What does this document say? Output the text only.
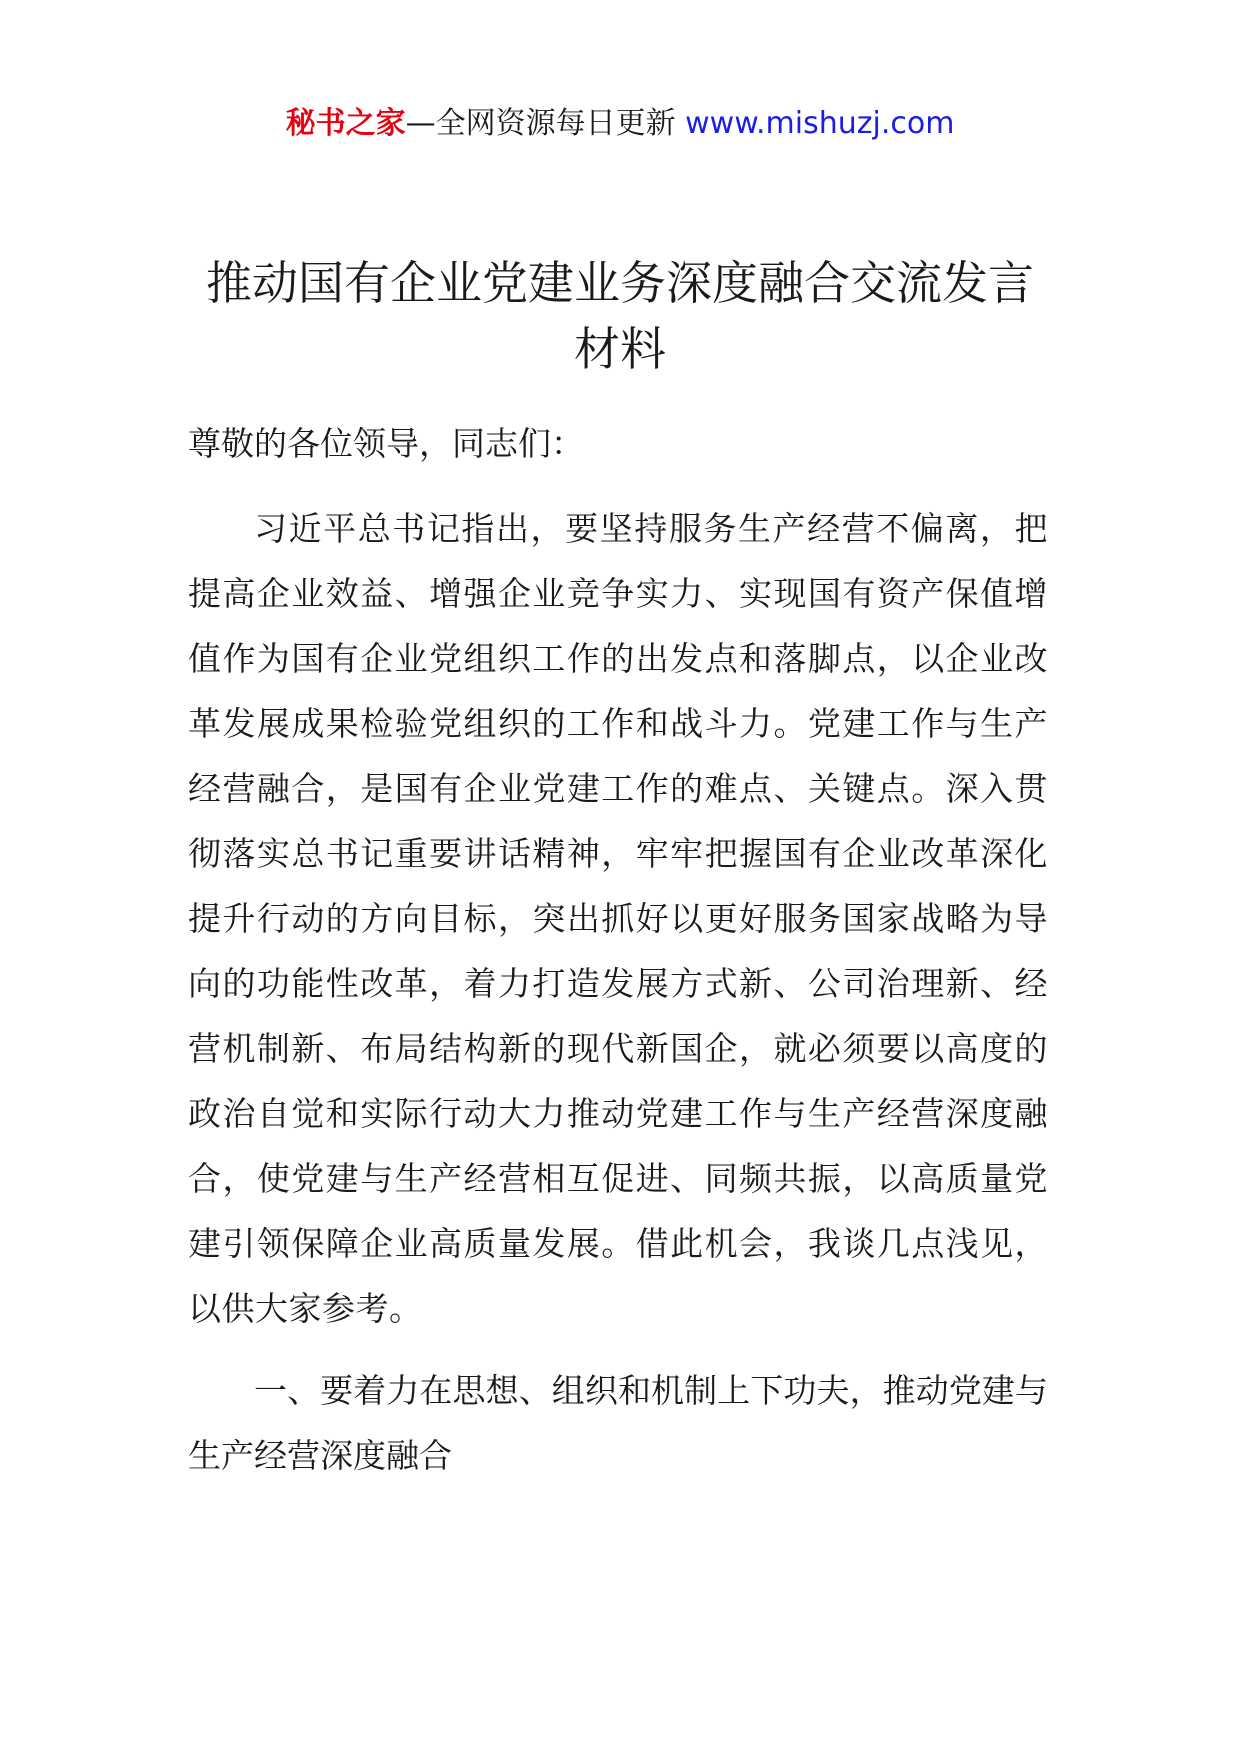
秘书之家—全网资源每日更新 www.mishuzj.com
推动国有企业党建业务深度融合交流发言材料
尊敬的各位领导，同志们：
习近平总书记指出，要坚持服务生产经营不偏离，把提高企业效益、增强企业竞争实力、实现国有资产保值增值作为国有企业党组织工作的出发点和落脚点，以企业改革发展成果检验党组织的工作和战斗力。党建工作与生产经营融合，是国有企业党建工作的难点、关键点。深入贯彻落实总书记重要讲话精神，牢牢把握国有企业改革深化提升行动的方向目标，突出抓好以更好服务国家战略为导向的功能性改革，着力打造发展方式新、公司治理新、经营机制新、布局结构新的现代新国企，就必须要以高度的政治自觉和实际行动大力推动党建工作与生产经营深度融合，使党建与生产经营相互促进、同频共振，以高质量党建引领保障企业高质量发展。借此机会，我谈几点浅见，以供大家参考。
一、要着力在思想、组织和机制上下功夫，推动党建与生产经营深度融合
